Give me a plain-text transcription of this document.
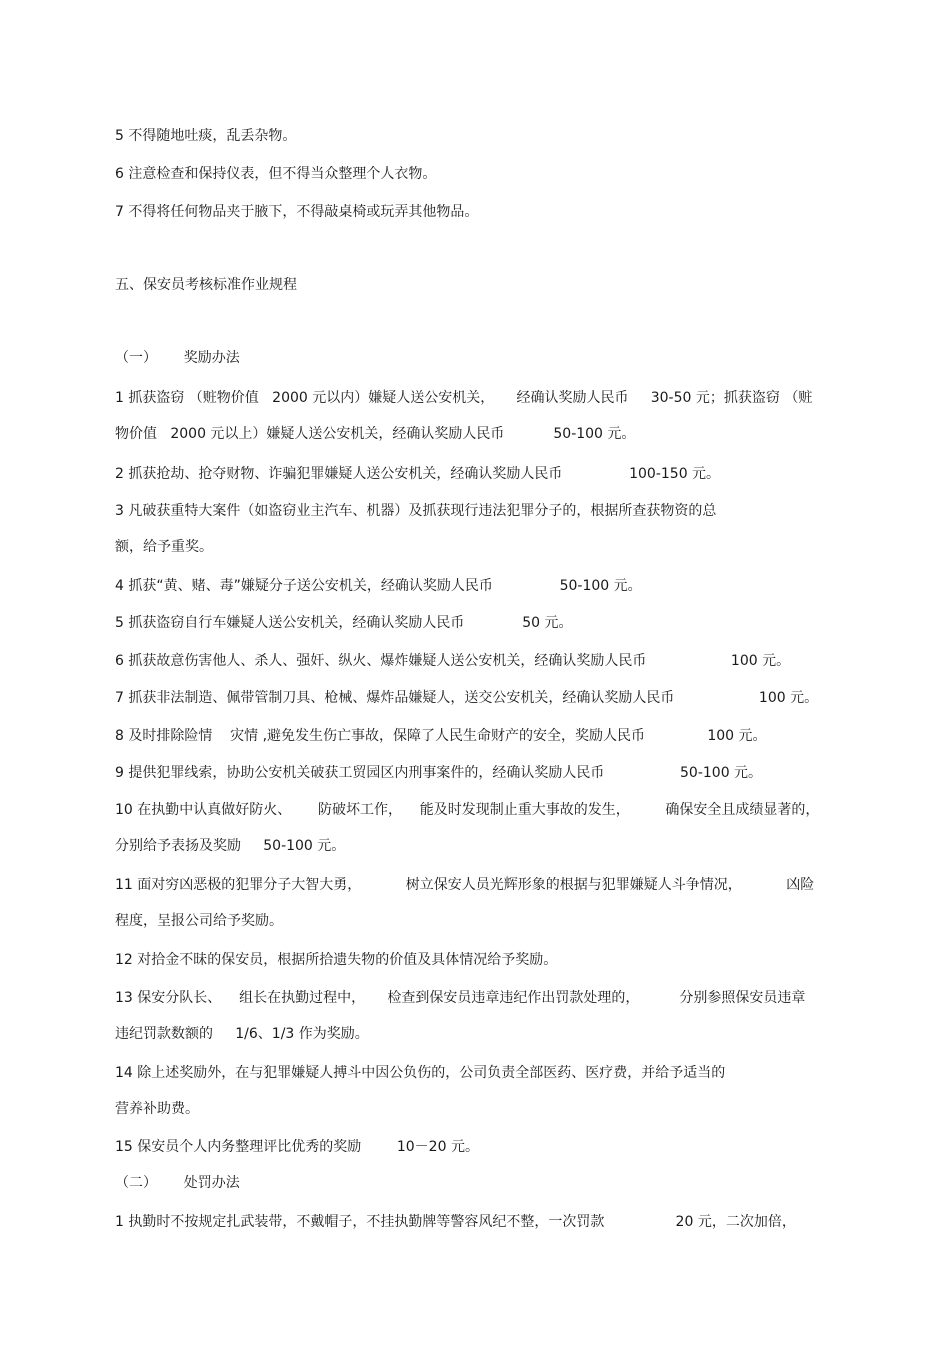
5 不得随地吐痰，乱丢杂物。
6 注意检查和保持仪表，但不得当众整理个人衣物。
7 不得将任何物品夹于腋下，不得敲桌椅或玩弄其他物品。
五、保安员考核标准作业规程
（一）      奖励办法
1 抓获盗窃 （赃物价值   2000 元以内）嫌疑人送公安机关，     经确认奖励人民币     30-50 元；抓获盗窃 （赃
物价值   2000 元以上）嫌疑人送公安机关，经确认奖励人民币           50-100 元。
2 抓获抢劫、抢夺财物、诈骗犯罪嫌疑人送公安机关，经确认奖励人民币               100-150 元。
3 凡破获重特大案件（如盗窃业主汽车、机器）及抓获现行违法犯罪分子的，根据所查获物资的总
额，给予重奖。
4 抓获“黄、赌、毒”嫌疑分子送公安机关，经确认奖励人民币               50-100 元。
5 抓获盗窃自行车嫌疑人送公安机关，经确认奖励人民币             50 元。
6 抓获故意伤害他人、杀人、强奸、纵火、爆炸嫌疑人送公安机关，经确认奖励人民币                   100 元。
7 抓获非法制造、佩带管制刀具、枪械、爆炸品嫌疑人，送交公安机关，经确认奖励人民币                   100 元。
8 及时排除险情    灾情 ,避免发生伤亡事故，保障了人民生命财产的安全，奖励人民币              100 元。
9 提供犯罪线索，协助公安机关破获工贸园区内刑事案件的，经确认奖励人民币                 50-100 元。
10 在执勤中认真做好防火、      防破坏工作，    能及时发现制止重大事故的发生，        确保安全且成绩显著的，
分别给予表扬及奖励     50-100 元。
11 面对穷凶恶极的犯罪分子大智大勇，          树立保安人员光辉形象的根据与犯罪嫌疑人斗争情况，          凶险
程度，呈报公司给予奖励。
12 对拾金不昧的保安员，根据所拾遗失物的价值及具体情况给予奖励。
13 保安分队长、    组长在执勤过程中，     检查到保安员违章违纪作出罚款处理的，         分别参照保安员违章
违纪罚款数额的     1/6、1/3 作为奖励。
14 除上述奖励外，在与犯罪嫌疑人搏斗中因公负伤的，公司负责全部医药、医疗费，并给予适当的
营养补助费。
15 保安员个人内务整理评比优秀的奖励        10－20 元。
（二）      处罚办法
1 执勤时不按规定扎武装带，不戴帽子，不挂执勤牌等警容风纪不整，一次罚款                20 元，二次加倍，
